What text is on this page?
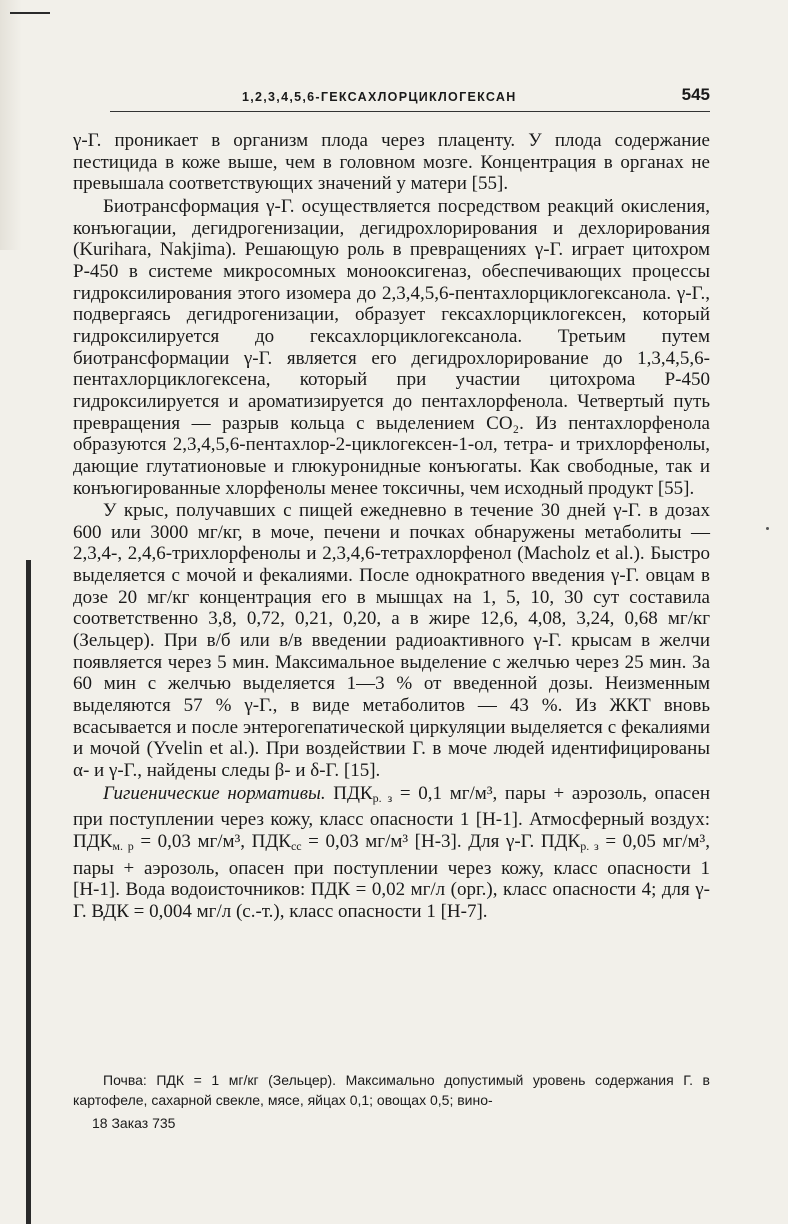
1,2,3,4,5,6-ГЕКСАХЛОРЦИКЛОГЕКСАН	545

γ-Г. проникает в организм плода через плаценту. У плода содержание пестицида в коже выше, чем в головном мозге. Концентрация в органах не превышала соответствующих значений у матери [55].

Биотрансформация γ-Г. осуществляется посредством реакций окисления, конъюгации, дегидрогенизации, дегидрохлорирования и дехлорирования (Kurihara, Nakjima). Решающую роль в превращениях γ-Г. играет цитохром Р-450 в системе микросомных монооксигеназ, обеспечивающих процессы гидроксилирования этого изомера до 2,3,4,5,6-пентахлорциклогексанола. γ-Г., подвергаясь дегидрогенизации, образует гексахлорциклогексен, который гидроксилируется до гексахлорциклогексанола. Третьим путем биотрансформации γ-Г. является его дегидрохлорирование до 1,3,4,5,6-пентахлорциклогексена, который при участии цитохрома Р-450 гидроксилируется и ароматизируется до пентахлорфенола. Четвертый путь превращения — разрыв кольца с выделением СО₂. Из пентахлорфенола образуются 2,3,4,5,6-пентахлор-2-циклогексен-1-ол, тетра- и трихлорфенолы, дающие глутатионовые и глюкуронидные конъюгаты. Как свободные, так и конъюгированные хлорфенолы менее токсичны, чем исходный продукт [55].

У крыс, получавших с пищей ежедневно в течение 30 дней γ-Г. в дозах 600 или 3000 мг/кг, в моче, печени и почках обнаружены метаболиты — 2,3,4-, 2,4,6-трихлорфенолы и 2,3,4,6-тетрахлорфенол (Macholz et al.). Быстро выделяется с мочой и фекалиями. После однократного введения γ-Г. овцам в дозе 20 мг/кг концентрация его в мышцах на 1, 5, 10, 30 сут составила соответственно 3,8, 0,72, 0,21, 0,20, а в жире 12,6, 4,08, 3,24, 0,68 мг/кг (Зельцер). При в/б или в/в введении радиоактивного γ-Г. крысам в желчи появляется через 5 мин. Максимальное выделение с желчью через 25 мин. За 60 мин с желчью выделяется 1—3 % от введенной дозы. Неизменным выделяются 57 % γ-Г., в виде метаболитов — 43 %. Из ЖКТ вновь всасывается и после энтерогепатической циркуляции выделяется с фекалиями и мочой (Yvelin et al.). При воздействии Г. в моче людей идентифицированы α- и γ-Г., найдены следы β- и δ-Г. [15].

Гигиенические нормативы. $ПДК_{р. з} = 0,1$ мг/м³, пары + аэрозоль, опасен при поступлении через кожу, класс опасности 1 [Н-1]. Атмосферный воздух: $ПДК_{м. р} = 0,03$ мг/м³, $ПДК_{сс} = 0,03$ мг/м³ [Н-3]. Для γ-Г. $ПДК_{р. з} = 0,05$ мг/м³, пары + аэрозоль, опасен при поступлении через кожу, класс опасности 1 [Н-1]. Вода водоисточников: ПДК = 0,02 мг/л (орг.), класс опасности 4; для γ-Г. ВДК = 0,004 мг/л (с.-т.), класс опасности 1 [Н-7].

Почва: ПДК = 1 мг/кг (Зельцер). Максимально допустимый уровень содержания Г. в картофеле, сахарной свекле, мясе, яйцах 0,1; овощах 0,5; вино-

18 Заказ 735
